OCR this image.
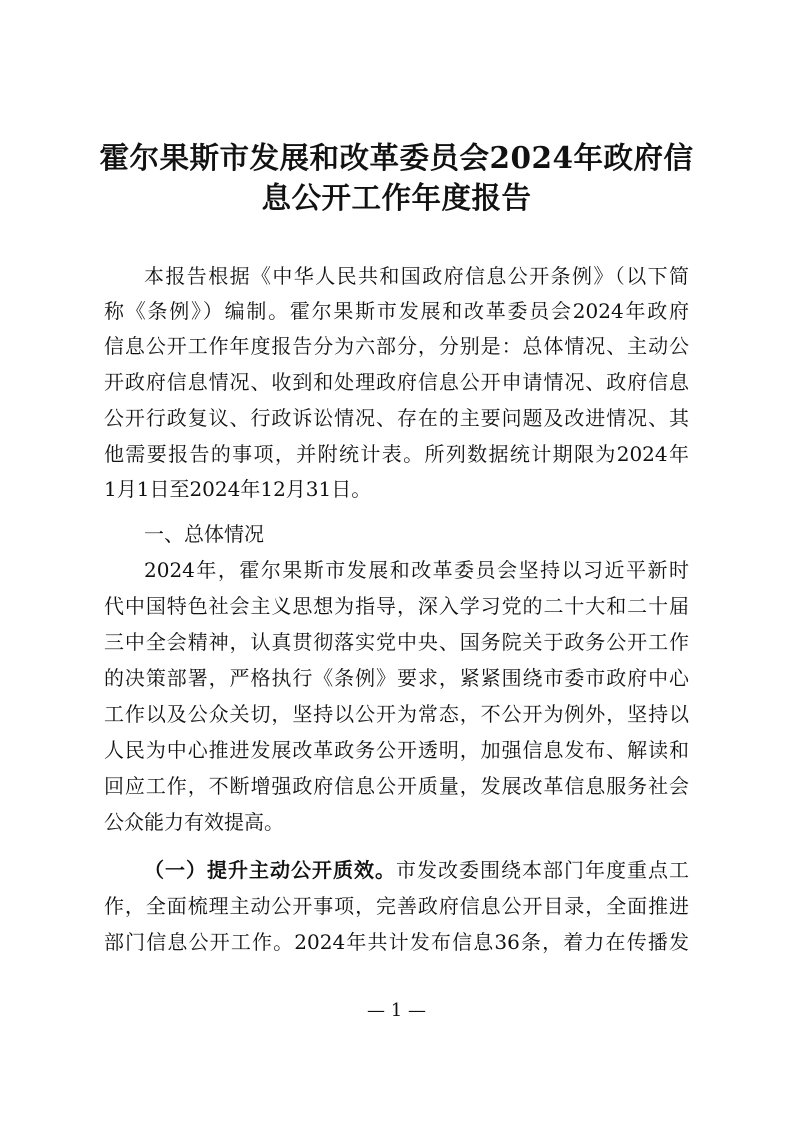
霍尔果斯市发展和改革委员会2024年政府信
息公开工作年度报告
本报告根据《中华人民共和国政府信息公开条例》（以下简
称《条例》）编制。霍尔果斯市发展和改革委员会2024年政府
信息公开工作年度报告分为六部分，分别是：总体情况、主动公
开政府信息情况、收到和处理政府信息公开申请情况、政府信息
公开行政复议、行政诉讼情况、存在的主要问题及改进情况、其
他需要报告的事项，并附统计表。所列数据统计期限为2024年
1月1日至2024年12月31日。
一、总体情况
2024年，霍尔果斯市发展和改革委员会坚持以习近平新时
代中国特色社会主义思想为指导，深入学习党的二十大和二十届
三中全会精神，认真贯彻落实党中央、国务院关于政务公开工作
的决策部署，严格执行《条例》要求，紧紧围绕市委市政府中心
工作以及公众关切，坚持以公开为常态，不公开为例外，坚持以
人民为中心推进发展改革政务公开透明，加强信息发布、解读和
回应工作，不断增强政府信息公开质量，发展改革信息服务社会
公众能力有效提高。
（一）提升主动公开质效。市发改委围绕本部门年度重点工
作，全面梳理主动公开事项，完善政府信息公开目录，全面推进
部门信息公开工作。2024年共计发布信息36条，着力在传播发
— 1 —
